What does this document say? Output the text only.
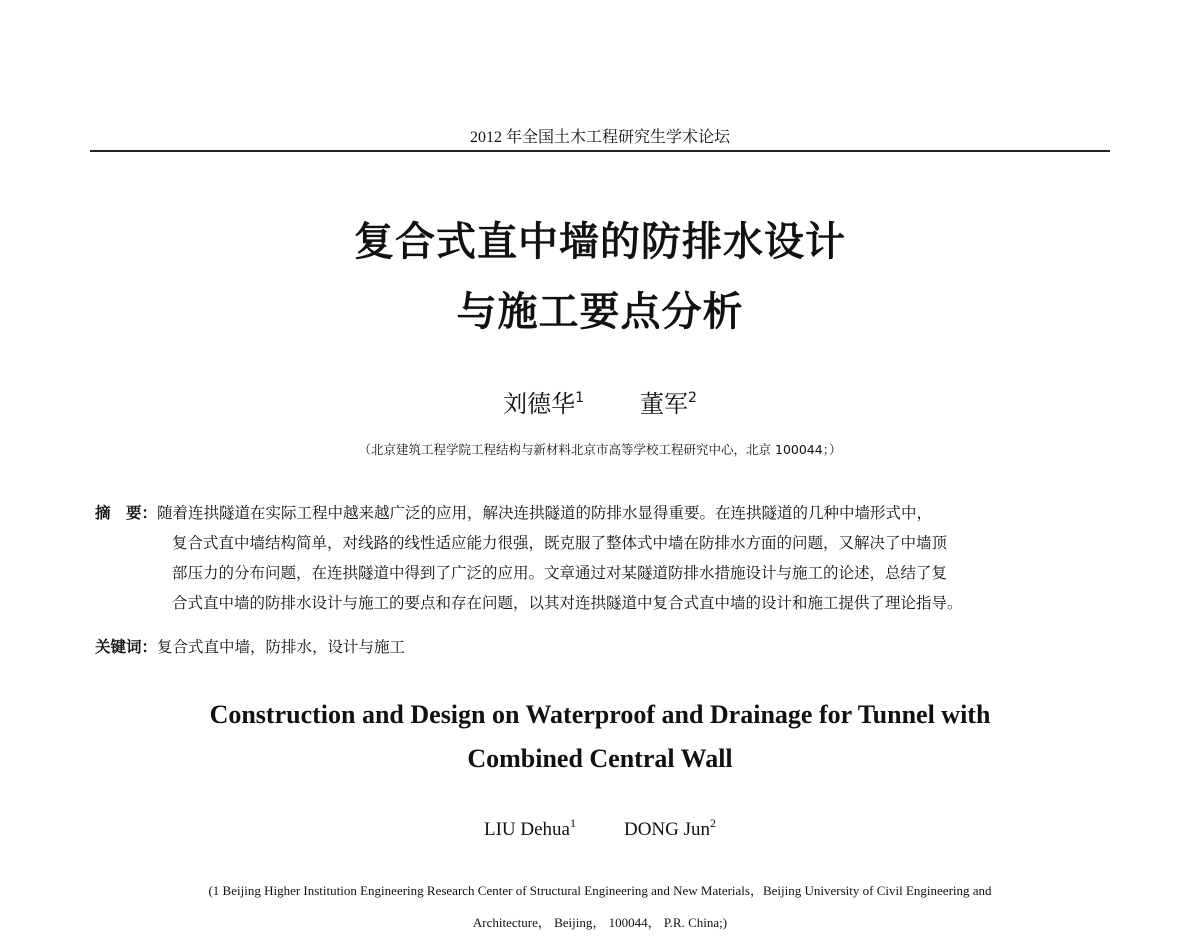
2012 年全国土木工程研究生学术论坛
复合式直中墙的防排水设计
与施工要点分析
刘德华$^1$ 董军$^2$
（北京建筑工程学院工程结构与新材料北京市高等学校工程研究中心，北京 100044；）
摘　要：随着连拱隧道在实际工程中越来越广泛的应用，解决连拱隧道的防排水显得重要。在连拱隧道的几种中墙形式中，
复合式直中墙结构简单，对线路的线性适应能力很强，既克服了整体式中墙在防排水方面的问题，又解决了中墙顶
部压力的分布问题，在连拱隧道中得到了广泛的应用。文章通过对某隧道防排水措施设计与施工的论述，总结了复
合式直中墙的防排水设计与施工的要点和存在问题，以其对连拱隧道中复合式直中墙的设计和施工提供了理论指导。
关键词：复合式直中墙，防排水，设计与施工
Construction and Design on Waterproof and Drainage for Tunnel with
Combined Central Wall
LIU Dehua$^1$	DONG Jun$^2$
(1 Beijing Higher Institution Engineering Research Center of Structural Engineering and New Materials，Beijing University of Civil Engineering and
Architecture， Beijing， 100044， P.R. China;)
